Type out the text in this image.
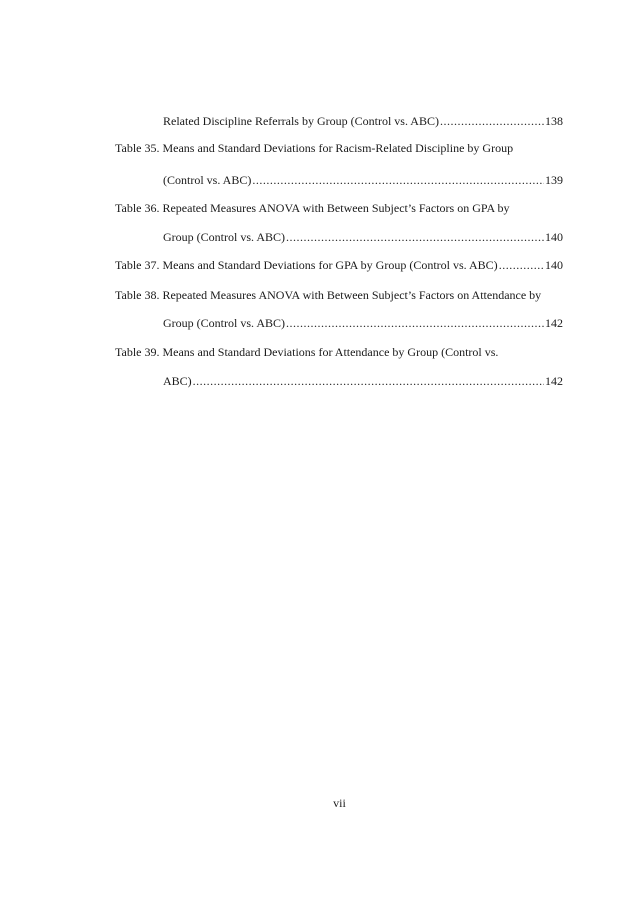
Related Discipline Referrals by Group (Control vs. ABC) .....	138
Table 35. Means and Standard Deviations for Racism-Related Discipline by Group
(Control vs. ABC) .....	139
Table 36. Repeated Measures ANOVA with Between Subject’s Factors on GPA by
Group (Control vs. ABC) .....	140
Table 37. Means and Standard Deviations for GPA by Group (Control vs. ABC) .....	140
Table 38. Repeated Measures ANOVA with Between Subject’s Factors on Attendance by
Group (Control vs. ABC) .....	142
Table 39. Means and Standard Deviations for Attendance by Group (Control vs.
ABC) .....	142
vii
